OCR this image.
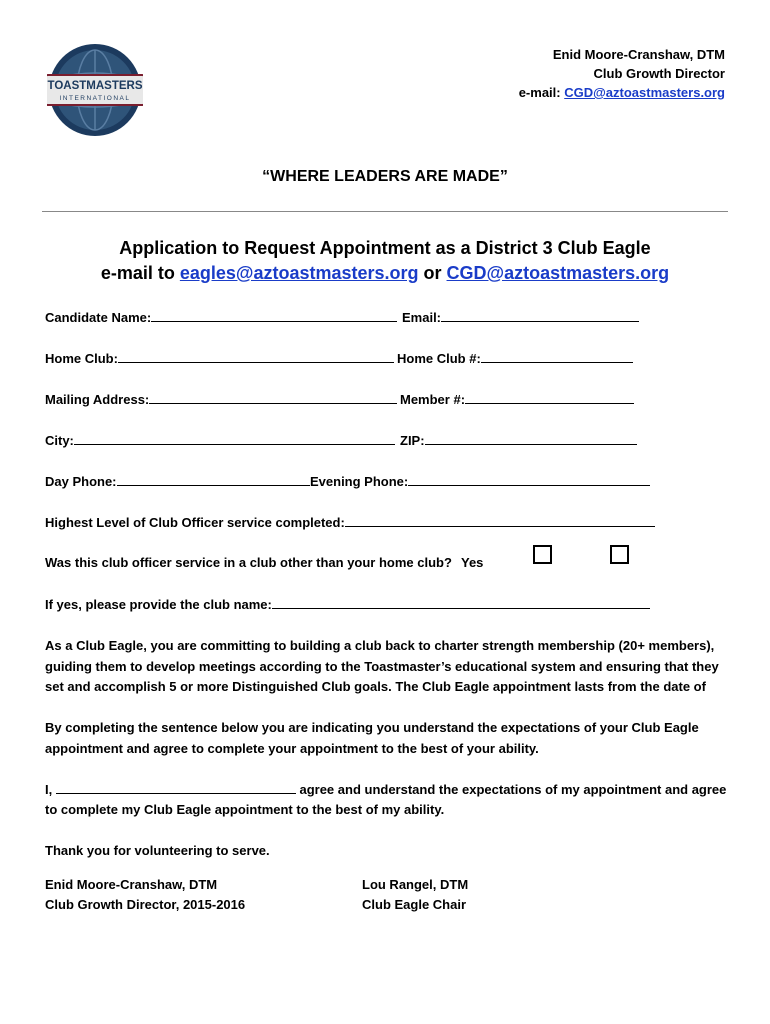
TOASTMASTERS
INTERNATIONAL
Enid Moore-Cranshaw, DTM
Club Growth Director
e-mail: CGD@aztoastmasters.org
“WHERE LEADERS ARE MADE”
Application to Request Appointment as a District 3 Club Eagle
e-mail to eagles@aztoastmasters.org or CGD@aztoastmasters.org
Candidate Name:	Email:
Home Club:	Home Club #:
Mailing Address:	Member #:
City:	ZIP:
Day Phone:	Evening Phone:
Highest Level of Club Officer service completed:
Was this club officer service in a club other than your home club? Yes
If yes, please provide the club name:
As a Club Eagle, you are committing to building a club back to charter strength membership (20+ members), guiding them to develop meetings according to the Toastmaster’s educational system and ensuring that they set and accomplish 5 or more Distinguished Club goals. The Club Eagle appointment lasts from the date of
By completing the sentence below you are indicating you understand the expectations of your Club Eagle appointment and agree to complete your appointment to the best of your ability.
I,	agree and understand the expectations of my appointment and agree
to complete my Club Eagle appointment to the best of my ability.
Thank you for volunteering to serve.
Enid Moore-Cranshaw, DTM
Club Growth Director, 2015-2016
Lou Rangel, DTM
Club Eagle Chair
